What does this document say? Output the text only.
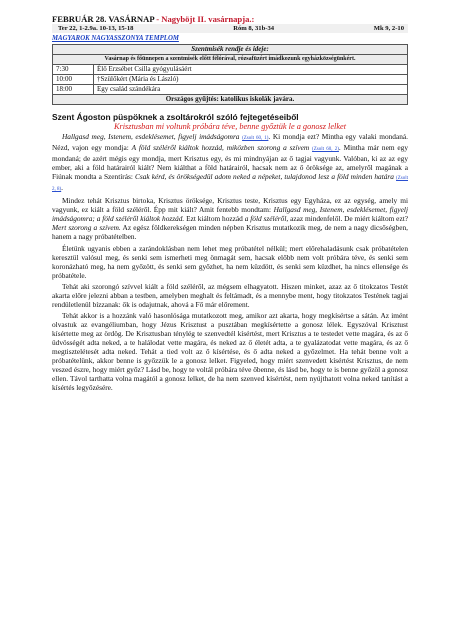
FEBRUÁR 28. VASÁRNAP - Nagyböjt II. vasárnapja.:
Ter 22, 1-2.9a. 10-13, 15-18	Róm 8, 31b-34	Mk 9, 2-10
MAGYAROK NAGYASSZONYA TEMPLOM
Szentmisék rendje és ideje:	
Vasárnap és főünnepen a szentmisék előtt félórával, rózsafüzért imádkozunk egyházközségünkért.	
7:30	Élő Erzsébet Csilla gyógyulásáért
10:00	†Szülőkért (Mária és László)
18:00	Egy család szándékára
Országos gyűjtés: katolikus iskolák javára.	
Szent Ágoston püspöknek a zsoltárokról szóló fejtegetéseiből
Krisztusban mi voltunk próbára téve, benne győztük le a gonosz lelket

Hallgasd meg, Istenem, esdeklésemet, figyelj imádságomra (Zsolt 60, 1). Ki mondja ezt? Mintha egy valaki mondaná. Nézd, vajon egy mondja: A föld széléről kiáltok hozzád, miközben szorong a szívem (Zsolt 60, 2). Mintha már nem egy mondaná; de azért mégis egy mondja, mert Krisztus egy, és mi mindnyájan az ő tagjai vagyunk. Valóban, ki az az egy ember, aki a föld határairól kiált? Nem kiálthat a föld határairól, hacsak nem az ő öröksége az, amelyről magának a Fiúnak mondta a Szentírás: Csak kérd, és örökségedül adom neked a népeket, tulajdonod lesz a föld minden határa (Zsolt 2, 8).

Mindez tehát Krisztus birtoka, Krisztus öröksége, Krisztus teste, Krisztus egy Egyháza, ez az egység, amely mi vagyunk, ez kiált a föld széléről. Épp mit kiált? Amit fentebb mondtam: Hallgasd meg, Istenem, esdeklésemet, figyelj imádságomra; a föld széléről kiáltok hozzád. Ezt kiáltom hozzád a föld széléről, azaz mindenfelől. De miért kiáltom ezt? Mert szorong a szívem. Az egész földkerekségen minden népben Krisztus mutatkozik meg, de nem a nagy dicsőségben, hanem a nagy próbatételben.

Életünk ugyanis ebben a zarándoklásban nem lehet meg próbatétel nélkül; mert előrehaladásunk csak próbatételen keresztül valósul meg, és senki sem ismerheti meg önmagát sem, hacsak előbb nem volt próbára téve, és senki sem koronázható meg, ha nem győzött, és senki sem győzhet, ha nem küzdött, és senki sem küzdhet, ha nincs ellensége és próbatétele.

Tehát aki szorongó szívvel kiált a föld széléről, az mégsem elhagyatott. Hiszen minket, azaz az ő titokzatos Testét akarta előre jelezni abban a testben, amelyben meghalt és feltámadt, és a mennybe ment, hogy titokzatos Testének tagjai rendületlenül bízzanak: ők is odajutnak, ahová a Fő már előrement.

Tehát akkor is a hozzánk való hasonlósága mutatkozott meg, amikor azt akarta, hogy megkísértse a sátán. Az imént olvastuk az evangéliumban, hogy Jézus Krisztust a pusztában megkísértette a gonosz lélek. Egyszóval Krisztust kísértette meg az ördög. De Krisztusban ténylég te szenvedtél kísértést, mert Krisztus a te testedet vette magára, és az ő üdvösségét adta neked, a te halálodat vette magára, és neked az ő életét adta, a te gyalázatodat vette magára, és az ő megtisztelétesét adta neked. Tehát a tied volt az ő kísértése, és ő adta neked a győzelmet. Ha tehát benne volt a próbatételünk, akkor benne is győzzük le a gonosz lelket. Figyeled, hogy miért szenvedett kísértést Krisztus, de nem veszed észre, hogy miért győz? Lásd be, hogy te voltál próbára téve őbenne, és lásd be, hogy te is benne győzöl a gonosz ellen. Távol tarthatta volna magától a gonosz lelket, de ha nem szenved kísértést, nem nyújthatott volna neked tanítást a kísértés legyőzésére.
